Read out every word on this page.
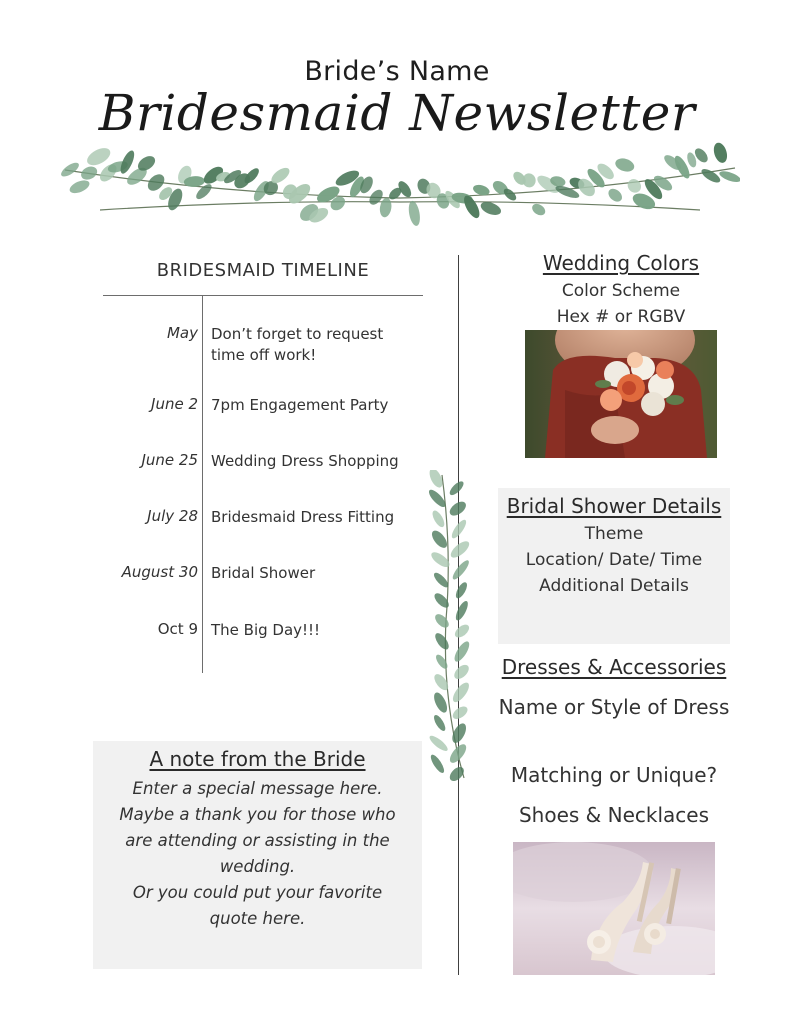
Bride’s Name
Bridesmaid Newsletter
BRIDESMAID TIMELINE
May Don’t forget to request time off work!
June 2 7pm Engagement Party
June 25 Wedding Dress Shopping
July 28 Bridesmaid Dress Fitting
August 30 Bridal Shower
Oct 9 The Big Day!!!
A note from the Bride
Enter a special message here.
Maybe a thank you for those who
are attending or assisting in the
wedding.
Or you could put your favorite
quote here.
Wedding Colors
Color Scheme
Hex # or RGBV
Bridal Shower Details
Theme
Location/ Date/ Time
Additional Details
Dresses & Accessories
Name or Style of Dress
Matching or Unique?
Shoes & Necklaces
